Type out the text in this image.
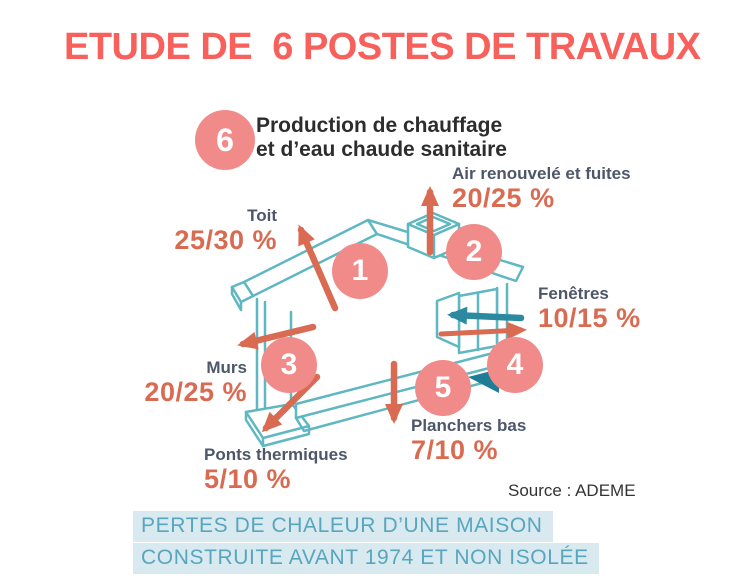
ETUDE DE  6 POSTES DE TRAVAUX
6 Production de chauffage
et d’eau chaude sanitaire
1
2
3	4
5
Air renouvelé et fuites
20/25 %
Toit
25/30 %
Fenêtres
10/15 %
Murs
20/25 %
Planchers bas
7/10 %
Ponts thermiques
5/10 %	Source : ADEME
PERTES DE CHALEUR D’UNE MAISON
CONSTRUITE AVANT 1974 ET NON ISOLÉE
